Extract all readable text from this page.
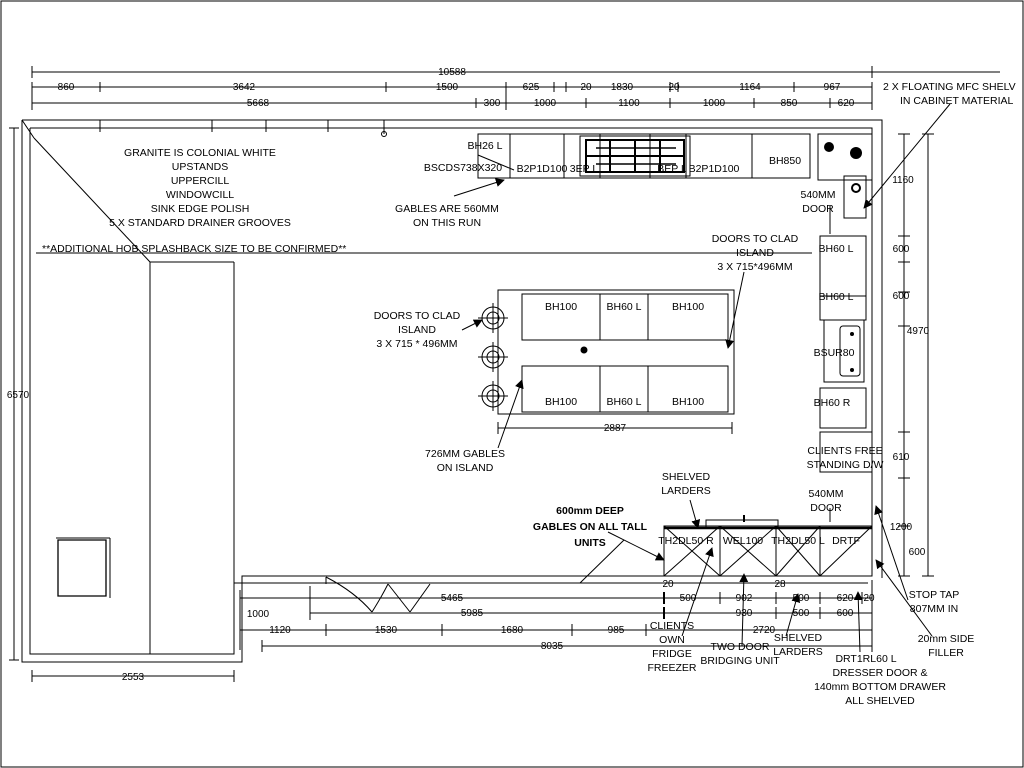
10588
860	3642	1500	625	20 1830	20	1164	967
5668	300	1000	1100	1000	850	620
6570
2553
1160
600
600
4970
610
1200
600
2887
20	28
1000
5465	500	902	500	620 20
5985	930	500	600
1120	1530	1680	985	2720
8035
BH26 L
BSCDS738X320 B2P1D100 3EP L	BEP L B2P1D100
BH850
BH60 L
BH60 L
BSUR80
BH60 R
BH100	BH60 L	BH100
BH100	BH60 L	BH100
TH2DL50 R WEL100 TH2DL50 L DRTF
GRANITE IS COLONIAL WHITE
UPSTANDS
UPPERCILL
WINDOWCILL
SINK EDGE POLISH
5 X STANDARD DRAINER GROOVES
**ADDITIONAL HOB SPLASHBACK SIZE TO BE CONFIRMED**
GABLES ARE 560MM
ON THIS RUN
DOORS TO CLAD
ISLAND
3 X 715 * 496MM
DOORS TO CLAD
ISLAND
3 X 715*496MM
726MM GABLES
ON ISLAND
2 X FLOATING MFC SHELV
IN CABINET MATERIAL
540MM
DOOR
CLIENTS FREE
STANDING D/W
540MM
DOOR
SHELVED
LARDERS
600mm DEEP
GABLES ON ALL TALL
UNITS
STOP TAP
807MM IN
20mm SIDE
FILLER
CLIENTS
OWN
FRIDGE
FREEZER
TWO DOOR
BRIDGING UNIT
SHELVED
LARDERS
DRT1RL60 L
DRESSER DOOR &
140mm BOTTOM DRAWER
ALL SHELVED
